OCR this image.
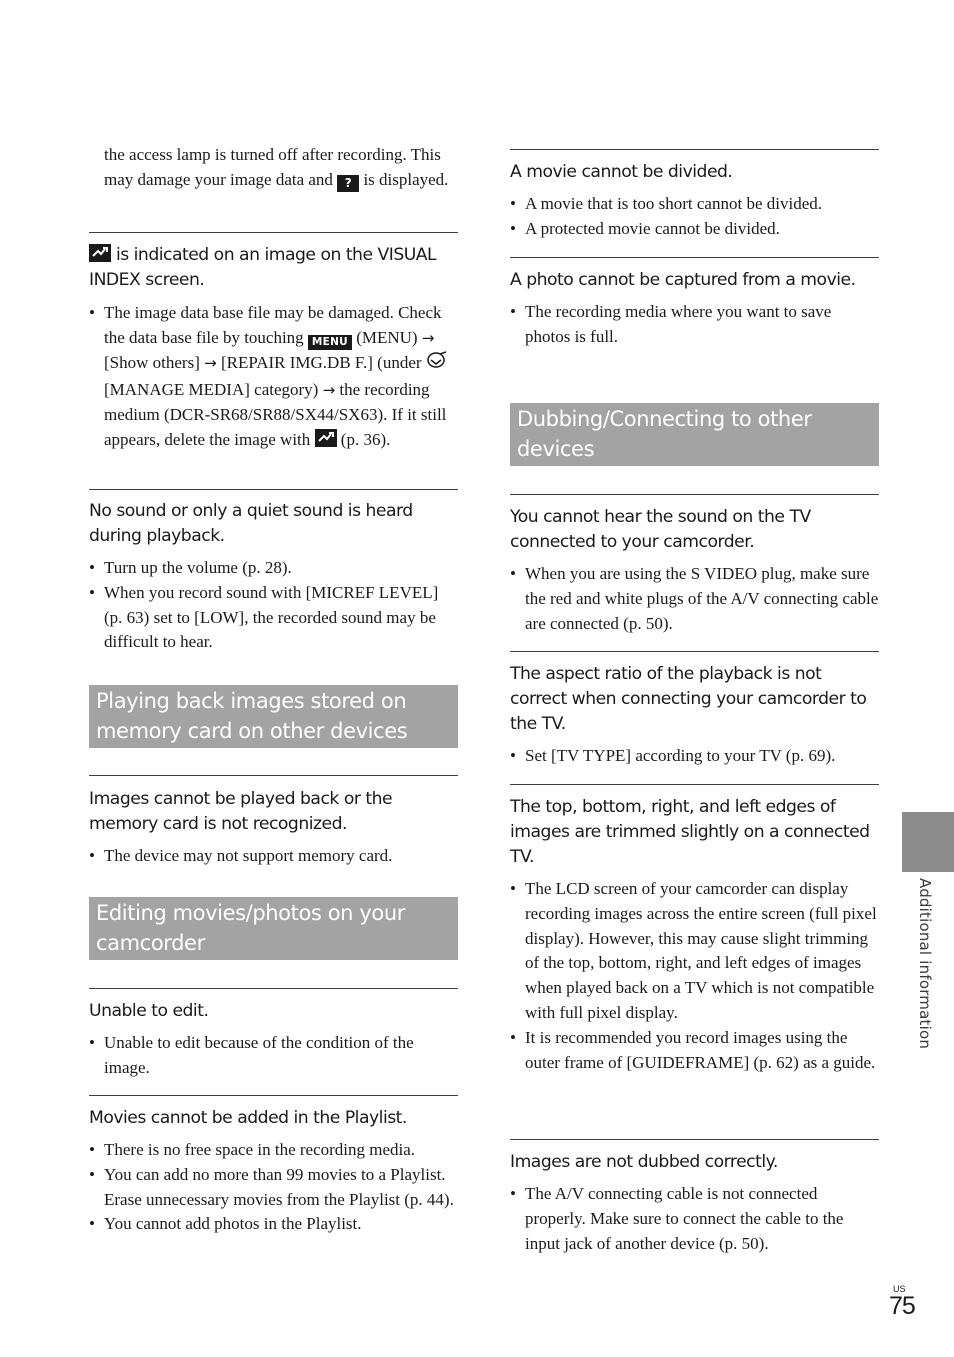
the access lamp is turned off after recording. This may damage your image data and ? is displayed.

is indicated on an image on the VISUAL INDEX screen.

• The image data base file may be damaged. Check the data base file by touching MENU (MENU) → [Show others] → [REPAIR IMG.DB F.] (under  [MANAGE MEDIA] category) → the recording medium (DCR-SR68/SR88/SX44/SX63). If it still appears, delete the image with (p. 36).

No sound or only a quiet sound is heard during playback.

• Turn up the volume (p. 28).
• When you record sound with [MICREF LEVEL] (p. 63) set to [LOW], the recorded sound may be difficult to hear.
Playing back images stored on memory card on other devices

Images cannot be played back or the memory card is not recognized.

• The device may not support memory card.
Editing movies/photos on your camcorder

Unable to edit.

• Unable to edit because of the condition of the image.

Movies cannot be added in the Playlist.

• There is no free space in the recording media.
• You can add no more than 99 movies to a Playlist. Erase unnecessary movies from the Playlist (p. 44).
• You cannot add photos in the Playlist.

A movie cannot be divided.

• A movie that is too short cannot be divided.
• A protected movie cannot be divided.

A photo cannot be captured from a movie.

• The recording media where you want to save photos is full.
Dubbing/Connecting to other devices

You cannot hear the sound on the TV connected to your camcorder.

• When you are using the S VIDEO plug, make sure the red and white plugs of the A/V connecting cable are connected (p. 50).

The aspect ratio of the playback is not correct when connecting your camcorder to the TV.

• Set [TV TYPE] according to your TV (p. 69).

The top, bottom, right, and left edges of images are trimmed slightly on a connected TV.

• The LCD screen of your camcorder can display recording images across the entire screen (full pixel display). However, this may cause slight trimming of the top, bottom, right, and left edges of images when played back on a TV which is not compatible with full pixel display.
• It is recommended you record images using the outer frame of [GUIDEFRAME] (p. 62) as a guide.

Images are not dubbed correctly.

• The A/V connecting cable is not connected properly. Make sure to connect the cable to the input jack of another device (p. 50).
Additional information
US
75
